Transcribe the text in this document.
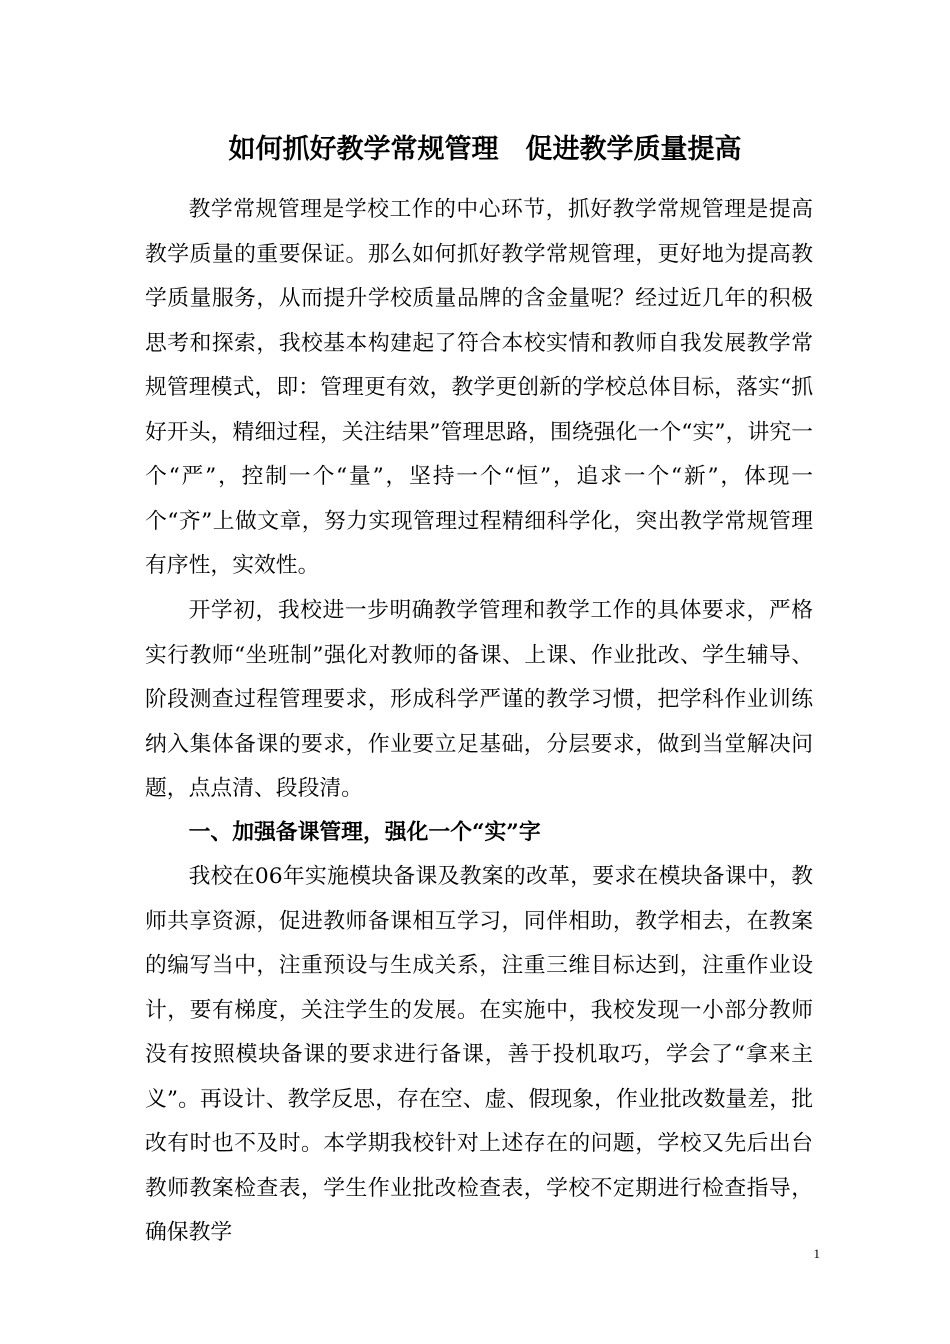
如何抓好教学常规管理　促进教学质量提高

教学常规管理是学校工作的中心环节，抓好教学常规管理是提高教学质量的重要保证。那么如何抓好教学常规管理，更好地为提高教学质量服务，从而提升学校质量品牌的含金量呢？经过近几年的积极思考和探索，我校基本构建起了符合本校实情和教师自我发展教学常规管理模式，即：管理更有效，教学更创新的学校总体目标，落实“抓好开头，精细过程，关注结果”管理思路，围绕强化一个“实”，讲究一个“严”，控制一个“量”，坚持一个“恒”，追求一个“新”，体现一个“齐”上做文章，努力实现管理过程精细科学化，突出教学常规管理有序性，实效性。

开学初，我校进一步明确教学管理和教学工作的具体要求，严格实行教师“坐班制”强化对教师的备课、上课、作业批改、学生辅导、阶段测查过程管理要求，形成科学严谨的教学习惯，把学科作业训练纳入集体备课的要求，作业要立足基础，分层要求，做到当堂解决问题，点点清、段段清。

一、加强备课管理，强化一个“实”字

我校在06年实施模块备课及教案的改革，要求在模块备课中，教师共享资源，促进教师备课相互学习，同伴相助，教学相去，在教案的编写当中，注重预设与生成关系，注重三维目标达到，注重作业设计，要有梯度，关注学生的发展。在实施中，我校发现一小部分教师没有按照模块备课的要求进行备课，善于投机取巧，学会了“拿来主义”。再设计、教学反思，存在空、虚、假现象，作业批改数量差，批改有时也不及时。本学期我校针对上述存在的问题，学校又先后出台教师教案检查表，学生作业批改检查表，学校不定期进行检查指导，确保教学

1
